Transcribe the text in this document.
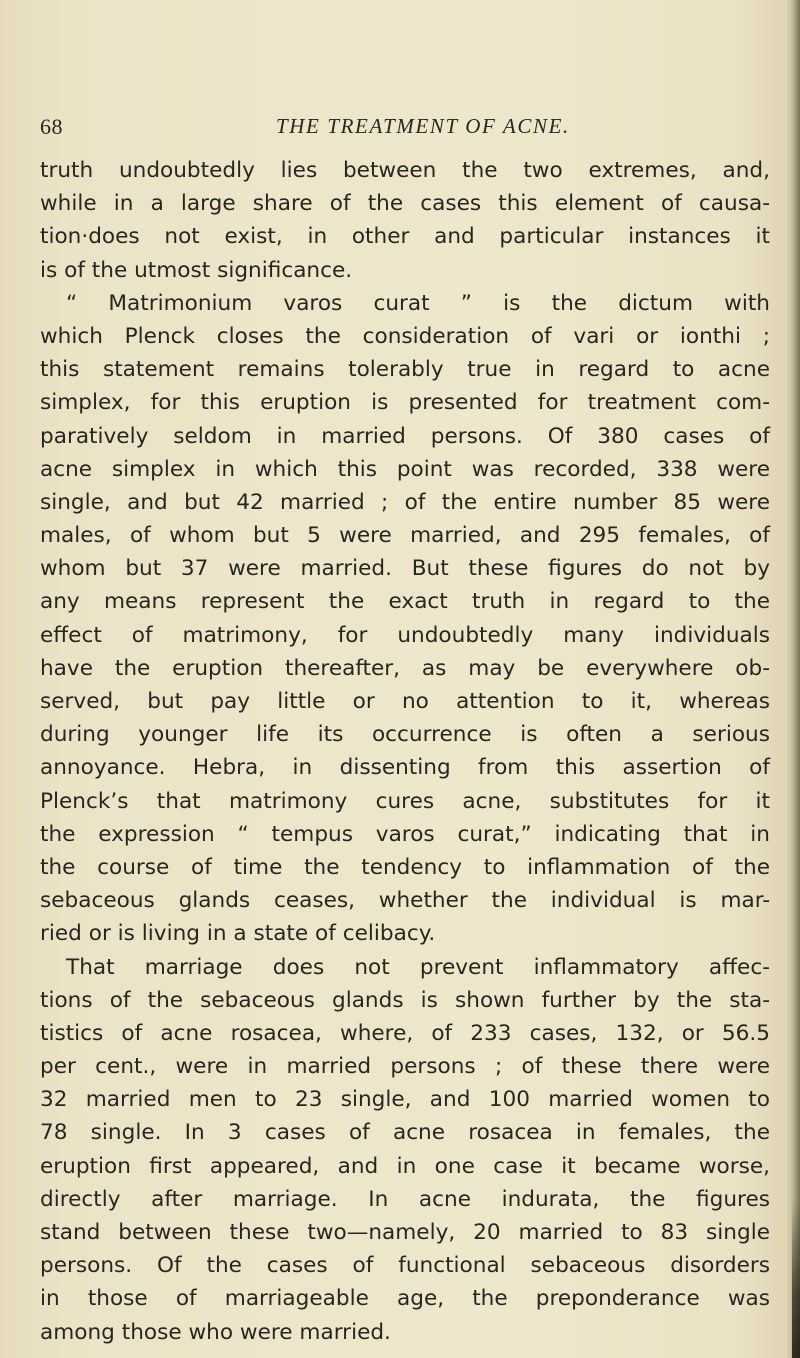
68	THE TREATMENT OF ACNE.
truth undoubtedly lies between the two extremes, and,
while in a large share of the cases this element of causa-
tion·does not exist, in other and particular instances it
is of the utmost significance.
“ Matrimonium varos curat ” is the dictum with
which Plenck closes the consideration of vari or ionthi ;
this statement remains tolerably true in regard to acne
simplex, for this eruption is presented for treatment com-
paratively seldom in married persons. Of 380 cases of
acne simplex in which this point was recorded, 338 were
single, and but 42 married ; of the entire number 85 were
males, of whom but 5 were married, and 295 females, of
whom but 37 were married. But these figures do not by
any means represent the exact truth in regard to the
effect of matrimony, for undoubtedly many individuals
have the eruption thereafter, as may be everywhere ob-
served, but pay little or no attention to it, whereas
during younger life its occurrence is often a serious
annoyance. Hebra, in dissenting from this assertion of
Plenck’s that matrimony cures acne, substitutes for it
the expression “ tempus varos curat,” indicating that in
the course of time the tendency to inflammation of the
sebaceous glands ceases, whether the individual is mar-
ried or is living in a state of celibacy.
That marriage does not prevent inflammatory affec-
tions of the sebaceous glands is shown further by the sta-
tistics of acne rosacea, where, of 233 cases, 132, or 56.5
per cent., were in married persons ; of these there were
32 married men to 23 single, and 100 married women to
78 single. In 3 cases of acne rosacea in females, the
eruption first appeared, and in one case it became worse,
directly after marriage. In acne indurata, the figures
stand between these two—namely, 20 married to 83 single
persons. Of the cases of functional sebaceous disorders
in those of marriageable age, the preponderance was
among those who were married.
